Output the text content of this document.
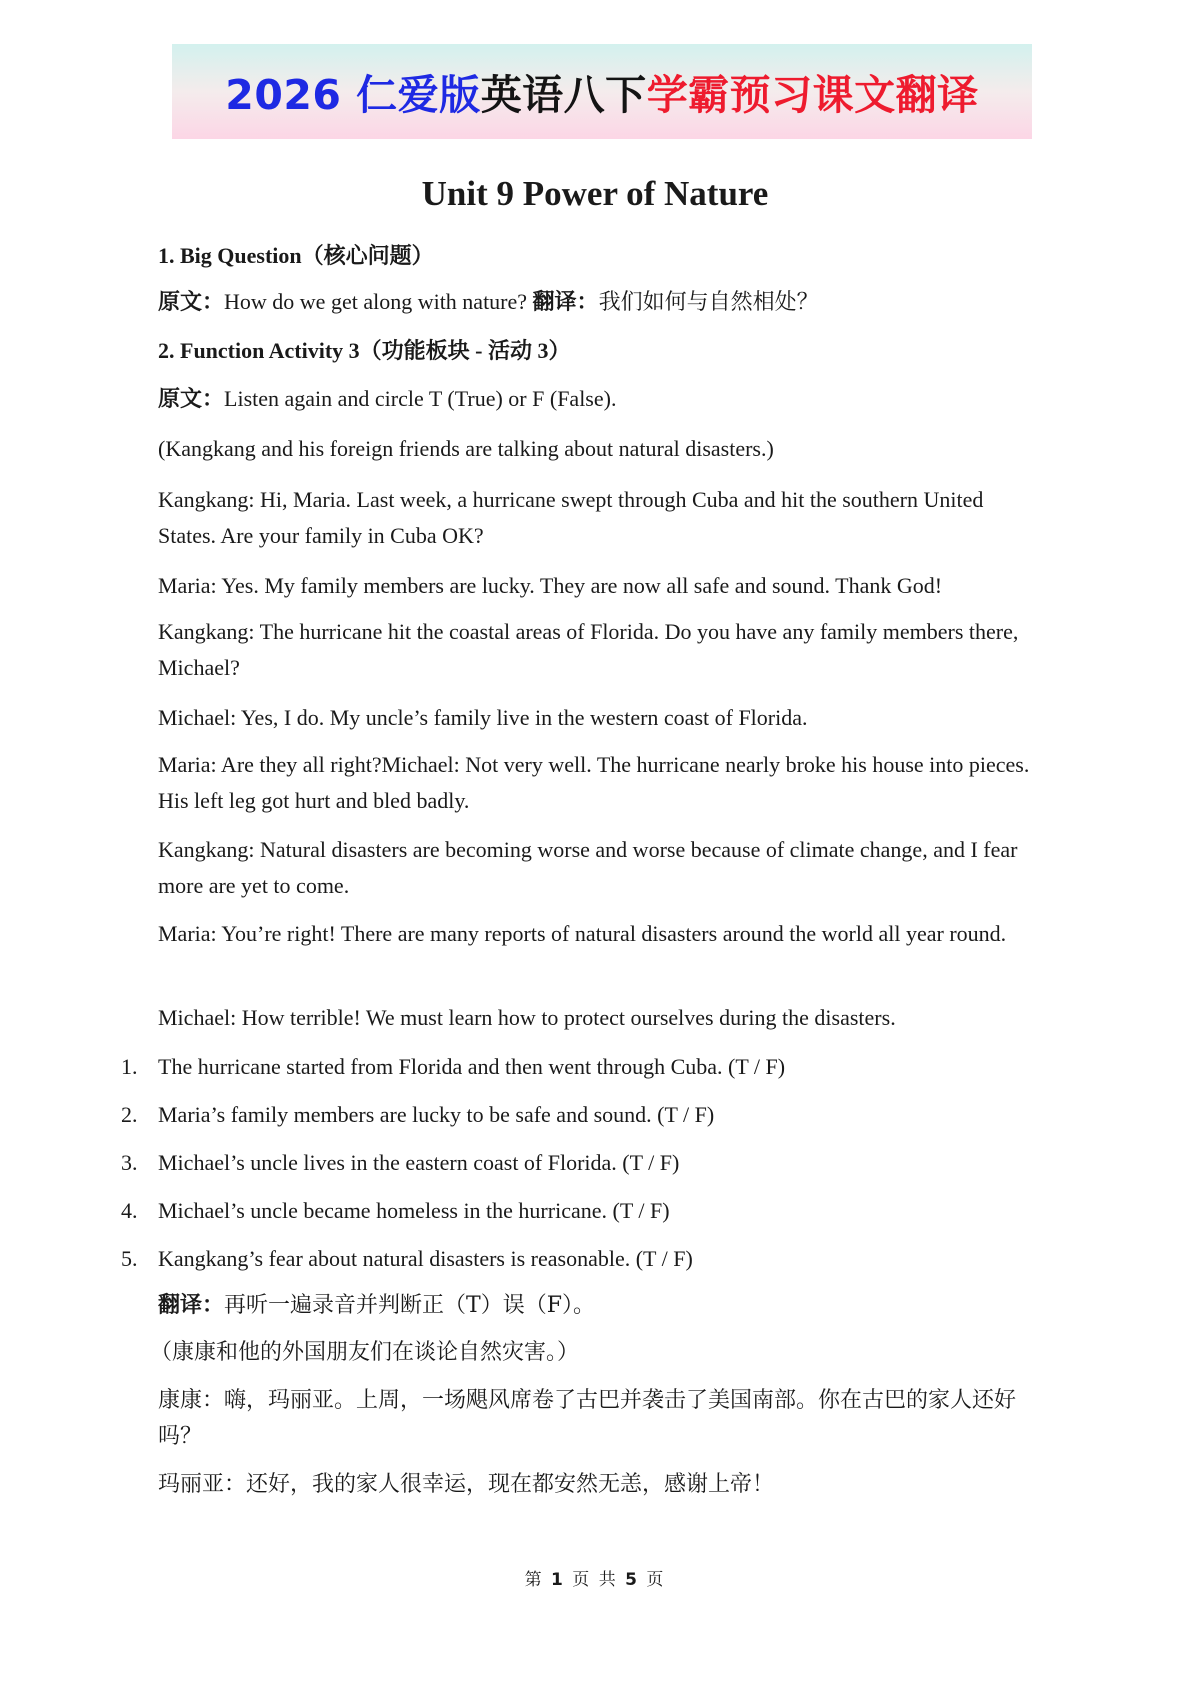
2026 仁爱版英语八下学霸预习课文翻译
Unit 9 Power of Nature

1. Big Question（核心问题）

原文：How do we get along with nature? 翻译：我们如何与自然相处？

2. Function Activity 3（功能板块 - 活动 3）

原文：Listen again and circle T (True) or F (False).

(Kangkang and his foreign friends are talking about natural disasters.)

Kangkang: Hi, Maria. Last week, a hurricane swept through Cuba and hit the southern United States. Are your family in Cuba OK?

Maria: Yes. My family members are lucky. They are now all safe and sound. Thank God!

Kangkang: The hurricane hit the coastal areas of Florida. Do you have any family members there, Michael?

Michael: Yes, I do. My uncle’s family live in the western coast of Florida.

Maria: Are they all right?Michael: Not very well. The hurricane nearly broke his house into pieces. His left leg got hurt and bled badly.

Kangkang: Natural disasters are becoming worse and worse because of climate change, and I fear more are yet to come.

Maria: You’re right! There are many reports of natural disasters around the world all year round.

Michael: How terrible! We must learn how to protect ourselves during the disasters.

1. The hurricane started from Florida and then went through Cuba. (T / F)

2. Maria’s family members are lucky to be safe and sound. (T / F)

3. Michael’s uncle lives in the eastern coast of Florida. (T / F)

4. Michael’s uncle became homeless in the hurricane. (T / F)

5. Kangkang’s fear about natural disasters is reasonable. (T / F)

翻译：再听一遍录音并判断正（T）误（F）。

（康康和他的外国朋友们在谈论自然灾害。）

康康：嗨，玛丽亚。上周，一场飓风席卷了古巴并袭击了美国南部。你在古巴的家人还好吗？

玛丽亚：还好，我的家人很幸运，现在都安然无恙，感谢上帝！

第 1 页 共 5 页
